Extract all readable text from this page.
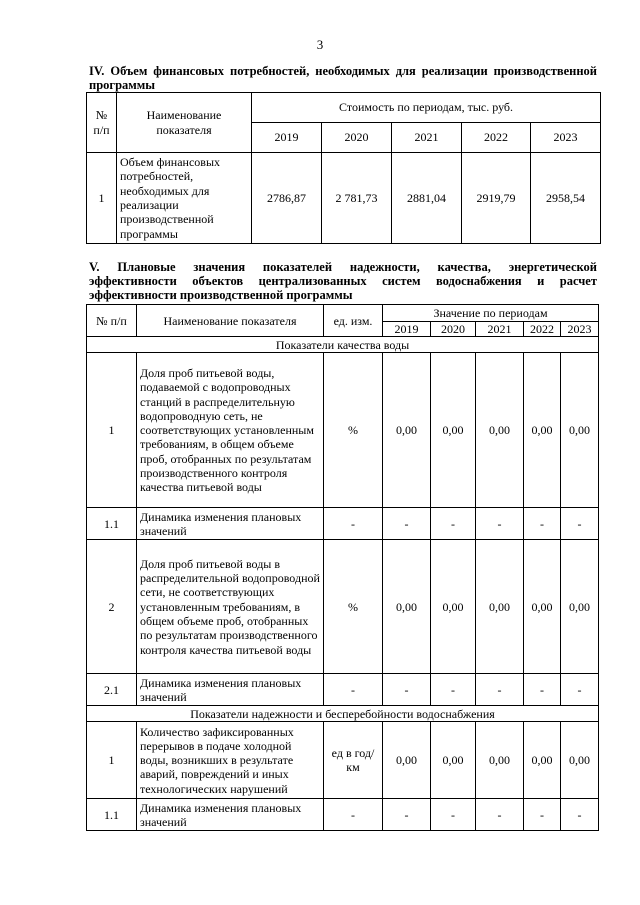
3
IV. Объем финансовых потребностей, необходимых для реализации производственной программы
№ п/п	Наименование показателя	Стоимость по периодам, тыс. руб.				
		2019	2020	2021	2022	2023
1	Объем финансовых потребностей, необходимых для реализации производственной программы	2786,87	2 781,73	2881,04	2919,79	2958,54
V. Плановые значения показателей надежности, качества, энергетической эффективности объектов централизованных систем водоснабжения и расчет эффективности производственной программы
№ п/п	Наименование показателя	ед. изм.	Значение по периодам				
			2019	2020	2021	2022	2023
Показатели качества воды							
1	Доля проб питьевой воды, подаваемой с водопроводных станций в распределительную водопроводную сеть, не соответствующих установленным требованиям, в общем объеме проб, отобранных по результатам производственного контроля качества питьевой воды	%	0,00	0,00	0,00	0,00	0,00
1.1	Динамика изменения плановых значений	-	-	-	-	-	-
2	Доля проб питьевой воды в распределительной водопроводной сети, не соответствующих установленным требованиям, в общем объеме проб, отобранных по результатам производственного контроля качества питьевой воды	%	0,00	0,00	0,00	0,00	0,00
2.1	Динамика изменения плановых значений	-	-	-	-	-	-
Показатели надежности и бесперебойности водоснабжения							
1	Количество зафиксированных перерывов в подаче холодной воды, возникших в результате аварий, повреждений и иных технологических нарушений	ед в год/ км	0,00	0,00	0,00	0,00	0,00
1.1	Динамика изменения плановых значений	-	-	-	-	-	-
